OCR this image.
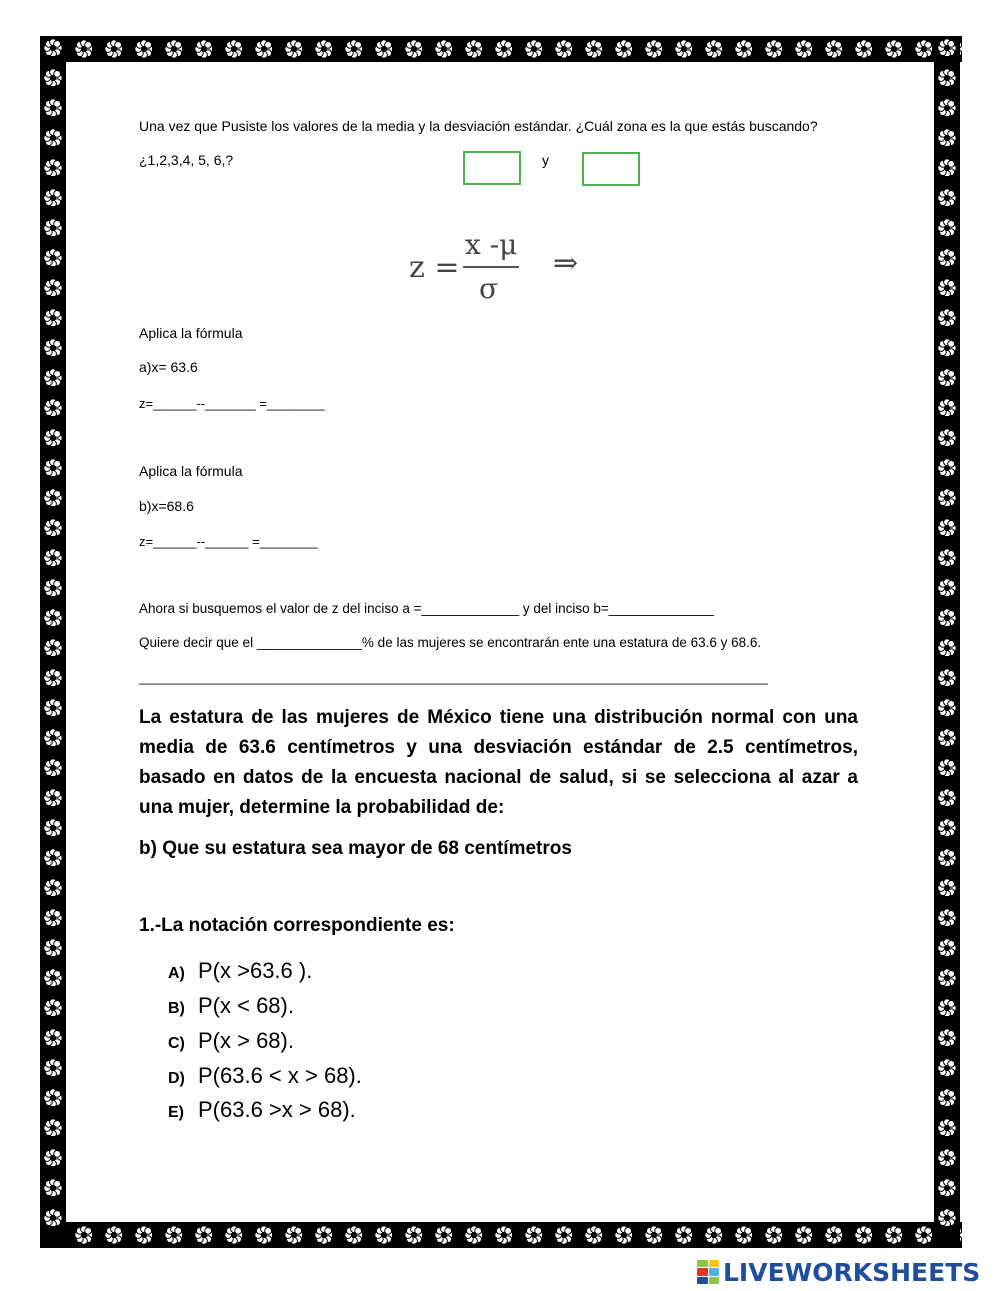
Una vez que Pusiste los valores de la media y la desviación estándar. ¿Cuál zona es la que estás buscando?
¿1,2,3,4, 5, 6,?	y
z =
x -μ
σ
⇒
Aplica la fórmula
a)x= 63.6
z=______--_______ =________
Aplica la fórmula
b)x=68.6
z=______--______ =________
Ahora si busquemos el valor de z del inciso a =_____________ y del inciso b=______________
Quiere decir que el ______________% de las mujeres se encontrarán ente una estatura de 63.6 y 68.6.
_______________________________________________________________________________________
La estatura de las mujeres de México tiene una distribución normal con una
media de 63.6 centímetros y una desviación estándar de 2.5 centímetros,
basado en datos de la encuesta nacional de salud, si se selecciona al azar a
una mujer, determine la probabilidad de:
b) Que su estatura sea mayor de 68 centímetros
1.-La notación correspondiente es:
A) P(x >63.6 ).
B) P(x < 68).
C) P(x > 68).
D) P(63.6 < x > 68).
E) P(63.6 >x > 68).
LIVEWORKSHEETS
